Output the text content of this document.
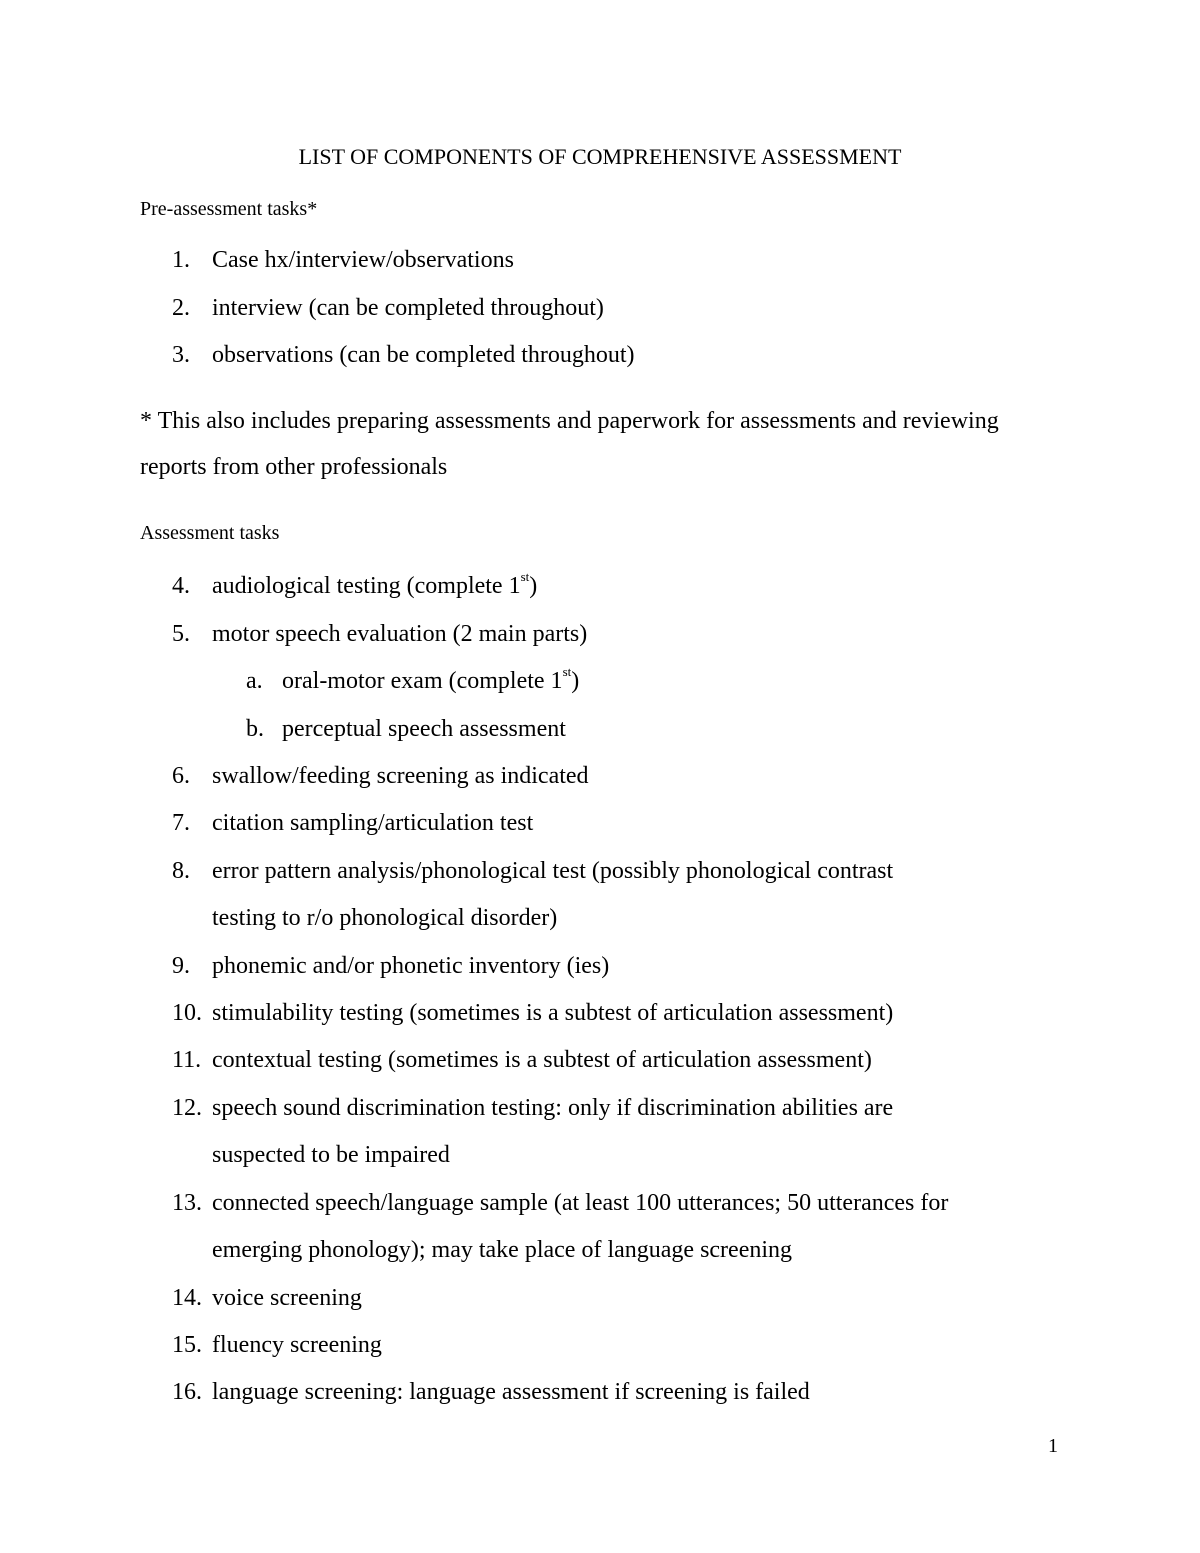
LIST OF COMPONENTS OF COMPREHENSIVE ASSESSMENT
Pre-assessment tasks*
1. Case hx/interview/observations
2. interview (can be completed throughout)
3. observations (can be completed throughout)
* This also includes preparing assessments and paperwork for assessments and reviewing reports from other professionals
Assessment tasks
4. audiological testing (complete 1st)
5. motor speech evaluation (2 main parts)
a. oral-motor exam (complete 1st)
b. perceptual speech assessment
6. swallow/feeding screening as indicated
7. citation sampling/articulation test
8. error pattern analysis/phonological test (possibly phonological contrast
testing to r/o phonological disorder)
9. phonemic and/or phonetic inventory (ies)
10. stimulability testing (sometimes is a subtest of articulation assessment)
11. contextual testing (sometimes is a subtest of articulation assessment)
12. speech sound discrimination testing: only if discrimination abilities are
suspected to be impaired
13. connected speech/language sample (at least 100 utterances; 50 utterances for
emerging phonology); may take place of language screening
14. voice screening
15. fluency screening
16. language screening: language assessment if screening is failed
1
